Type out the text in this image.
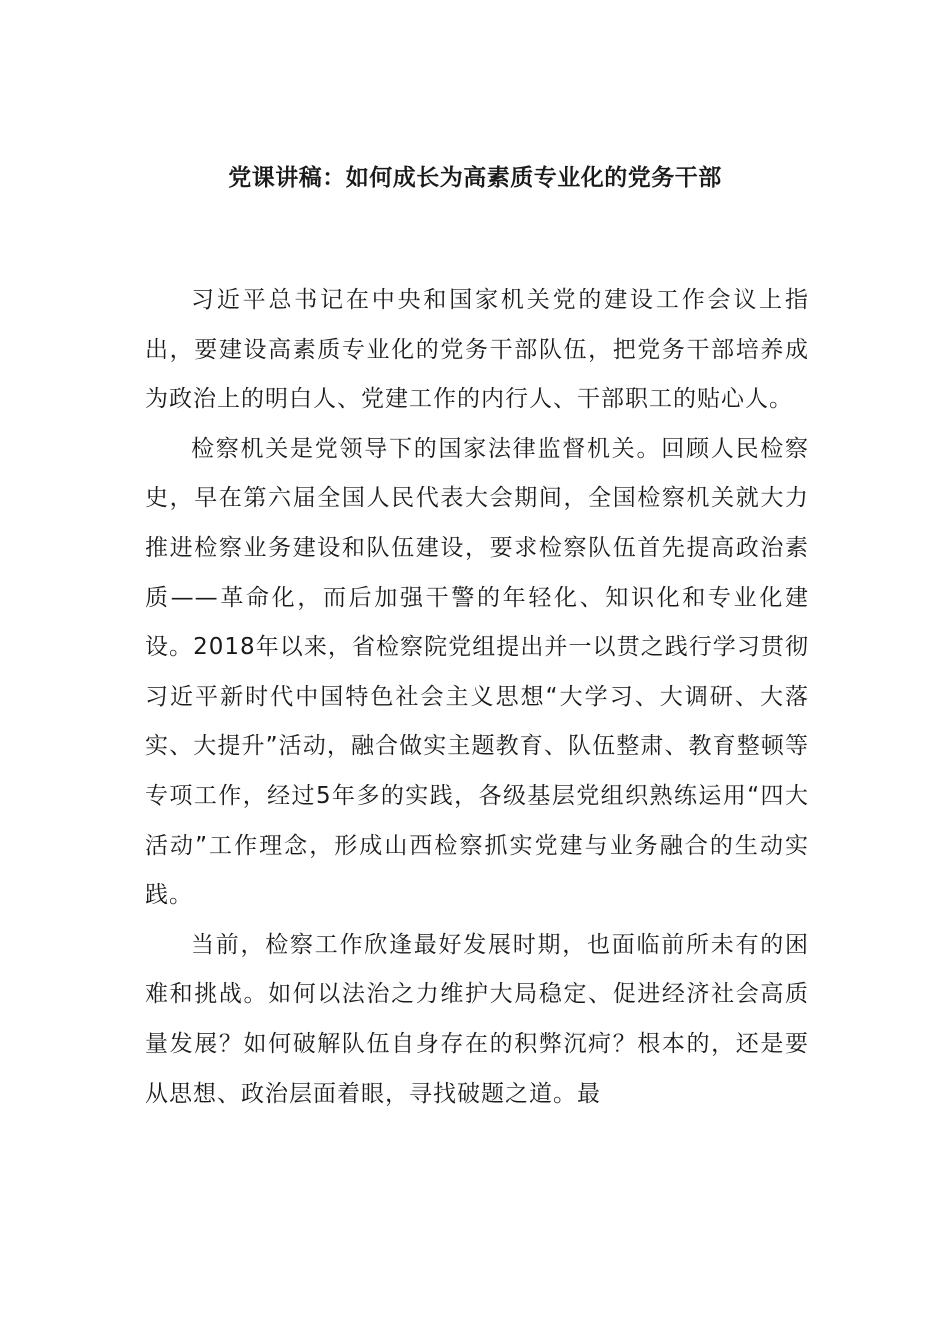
党课讲稿：如何成长为高素质专业化的党务干部

习近平总书记在中央和国家机关党的建设工作会议上指出，要建设高素质专业化的党务干部队伍，把党务干部培养成为政治上的明白人、党建工作的内行人、干部职工的贴心人。

检察机关是党领导下的国家法律监督机关。回顾人民检察史，早在第六届全国人民代表大会期间，全国检察机关就大力推进检察业务建设和队伍建设，要求检察队伍首先提高政治素质——革命化，而后加强干警的年轻化、知识化和专业化建设。2018年以来，省检察院党组提出并一以贯之践行学习贯彻习近平新时代中国特色社会主义思想“大学习、大调研、大落实、大提升”活动，融合做实主题教育、队伍整肃、教育整顿等专项工作，经过5年多的实践，各级基层党组织熟练运用“四大活动”工作理念，形成山西检察抓实党建与业务融合的生动实践。

当前，检察工作欣逢最好发展时期，也面临前所未有的困难和挑战。如何以法治之力维护大局稳定、促进经济社会高质量发展？如何破解队伍自身存在的积弊沉疴？根本的，还是要从思想、政治层面着眼，寻找破题之道。最
